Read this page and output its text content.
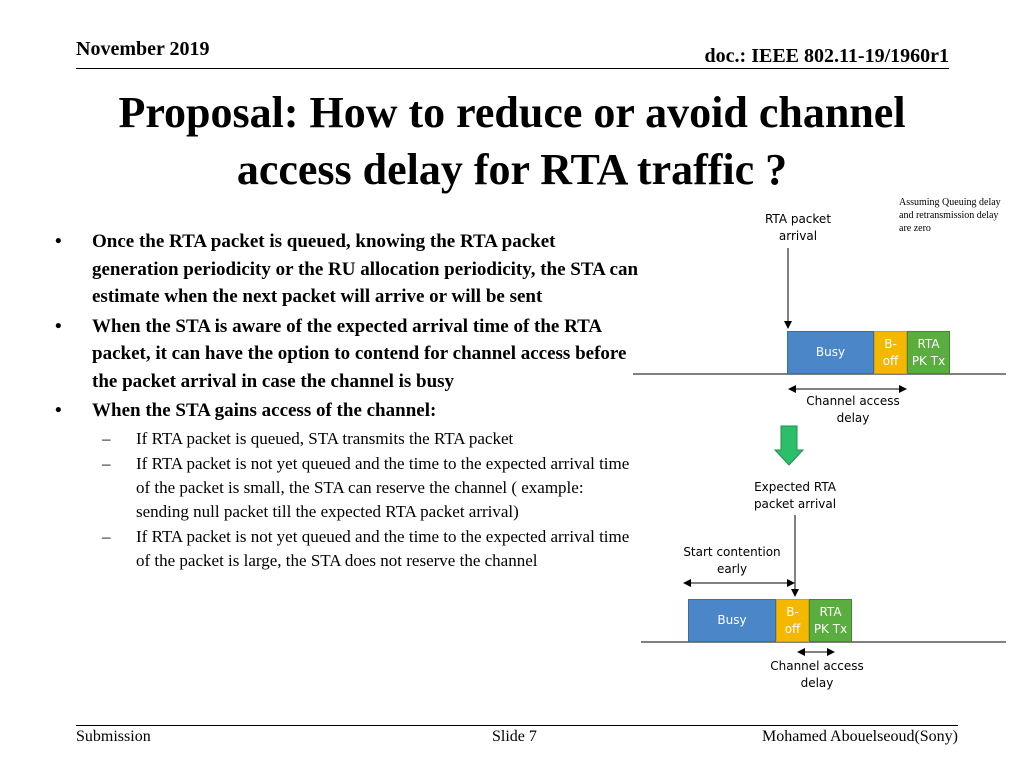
November 2019	doc.: IEEE 802.11-19/1960r1
Proposal: How to reduce or avoid channel
access delay for RTA traffic ?
• Once the RTA packet is queued, knowing the RTA packet generation periodicity or the RU allocation periodicity, the STA can estimate when the next packet will arrive or will be sent
• When the STA is aware of the expected arrival time of the RTA packet, it can have the option to contend for channel access before the packet arrival in case the channel is busy
• When the STA gains access of the channel:
– If RTA packet is queued, STA transmits the RTA packet
– If RTA packet is not yet queued and the time to the expected arrival time of the packet is small, the STA can reserve the channel ( example: sending null packet till the expected RTA packet arrival)
– If RTA packet is not yet queued and the time to the expected arrival time of the packet is large, the STA does not reserve the channel
Assuming Queuing delay
and retransmission delay
are zero
RTA packet
arrival
Busy
B-
off
RTA
PK Tx
Channel access
delay
Expected RTA
packet arrival
Start contention
early
Busy
B-
off
RTA
PK Tx
Channel access
delay
Submission	Slide 7	Mohamed Abouelseoud(Sony)
